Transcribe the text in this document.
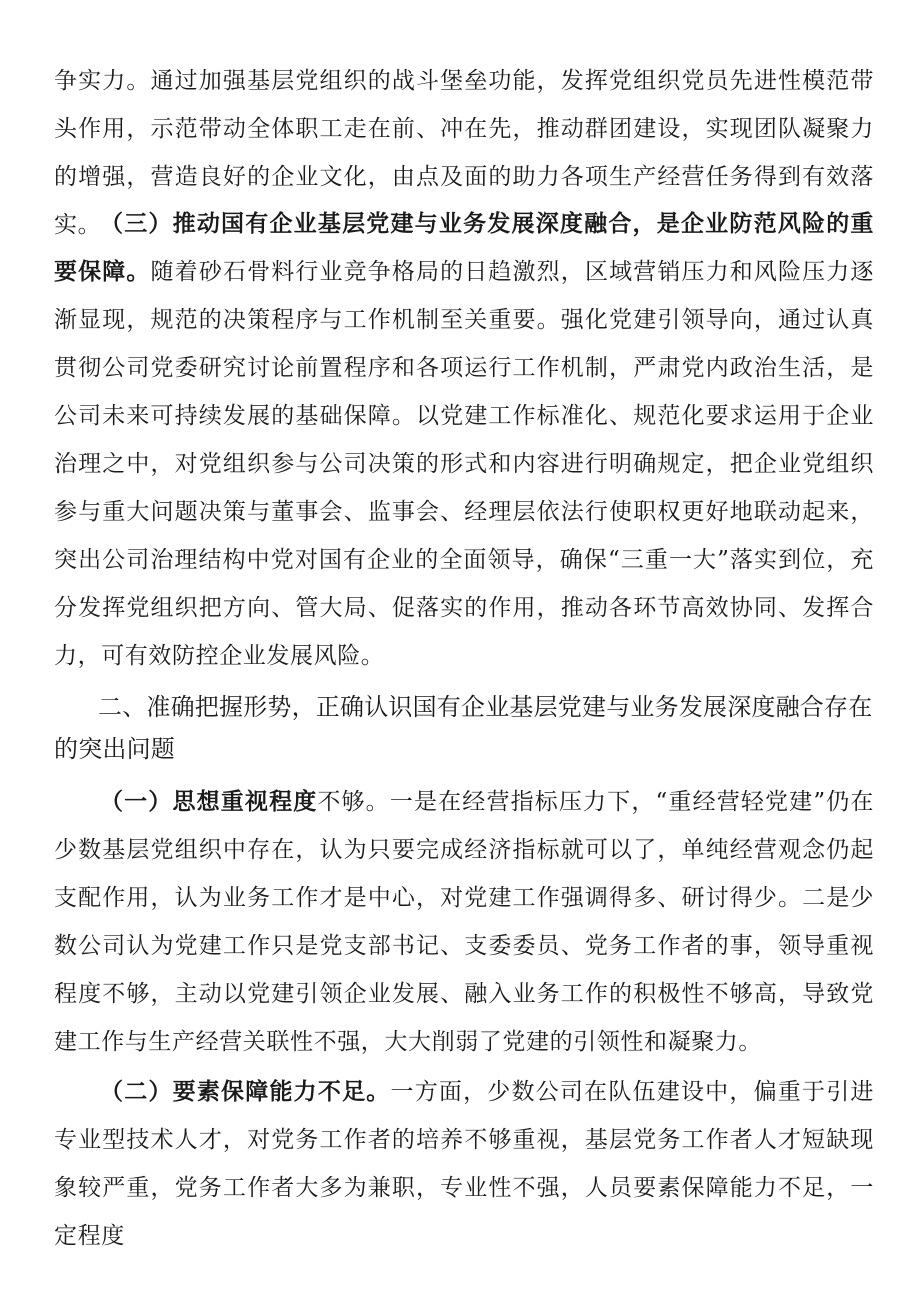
争实力。通过加强基层党组织的战斗堡垒功能，发挥党组织党员先进性模范带头作用，示范带动全体职工走在前、冲在先，推动群团建设，实现团队凝聚力的增强，营造良好的企业文化，由点及面的助力各项生产经营任务得到有效落实。

（三）推动国有企业基层党建与业务发展深度融合，是企业防范风险的重要保障。随着砂石骨料行业竞争格局的日趋激烈，区域营销压力和风险压力逐渐显现，规范的决策程序与工作机制至关重要。强化党建引领导向，通过认真贯彻公司党委研究讨论前置程序和各项运行工作机制，严肃党内政治生活，是公司未来可持续发展的基础保障。以党建工作标准化、规范化要求运用于企业治理之中，对党组织参与公司决策的形式和内容进行明确规定，把企业党组织参与重大问题决策与董事会、监事会、经理层依法行使职权更好地联动起来，突出公司治理结构中党对国有企业的全面领导，确保“三重一大”落实到位，充分发挥党组织把方向、管大局、促落实的作用，推动各环节高效协同、发挥合力，可有效防控企业发展风险。

二、准确把握形势，正确认识国有企业基层党建与业务发展深度融合存在的突出问题

（一）思想重视程度不够。一是在经营指标压力下，“重经营轻党建”仍在少数基层党组织中存在，认为只要完成经济指标就可以了，单纯经营观念仍起支配作用，认为业务工作才是中心，对党建工作强调得多、研讨得少。二是少数公司认为党建工作只是党支部书记、支委委员、党务工作者的事，领导重视程度不够，主动以党建引领企业发展、融入业务工作的积极性不够高，导致党建工作与生产经营关联性不强，大大削弱了党建的引领性和凝聚力。

（二）要素保障能力不足。一方面，少数公司在队伍建设中，偏重于引进专业型技术人才，对党务工作者的培养不够重视，基层党务工作者人才短缺现象较严重，党务工作者大多为兼职，专业性不强，人员要素保障能力不足，一定程度
